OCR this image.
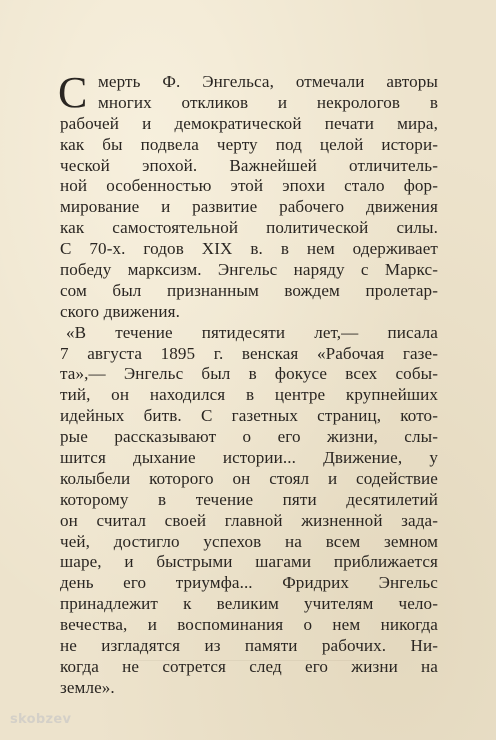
С мерть Ф. Энгельса, отмечали авторы
многих откликов и некрологов в
рабочей и демократической печати мира,
как бы подвела черту под целой истори-
ческой эпохой. Важнейшей отличитель-
ной особенностью этой эпохи стало фор-
мирование и развитие рабочего движения
как самостоятельной политической силы.
С 70-х. годов XIX в. в нем одерживает
победу марксизм. Энгельс наряду с Маркс-
сом был признанным вождем пролетар-
ского движения.
«В течение пятидесяти лет,— писала
7 августа 1895 г. венская «Рабочая газе-
та»,— Энгельс был в фокусе всех собы-
тий, он находился в центре крупнейших
идейных битв. С газетных страниц, кото-
рые рассказывают о его жизни, слы-
шится дыхание истории... Движение, у
колыбели которого он стоял и содействие
которому в течение пяти десятилетий
он считал своей главной жизненной зада-
чей, достигло успехов на всем земном
шаре, и быстрыми шагами приближается
день его триумфа... Фридрих Энгельс
принадлежит к великим учителям чело-
вечества, и воспоминания о нем никогда
не изгладятся из памяти рабочих. Ни-
когда не сотрется след его жизни на
земле».
skobzev
